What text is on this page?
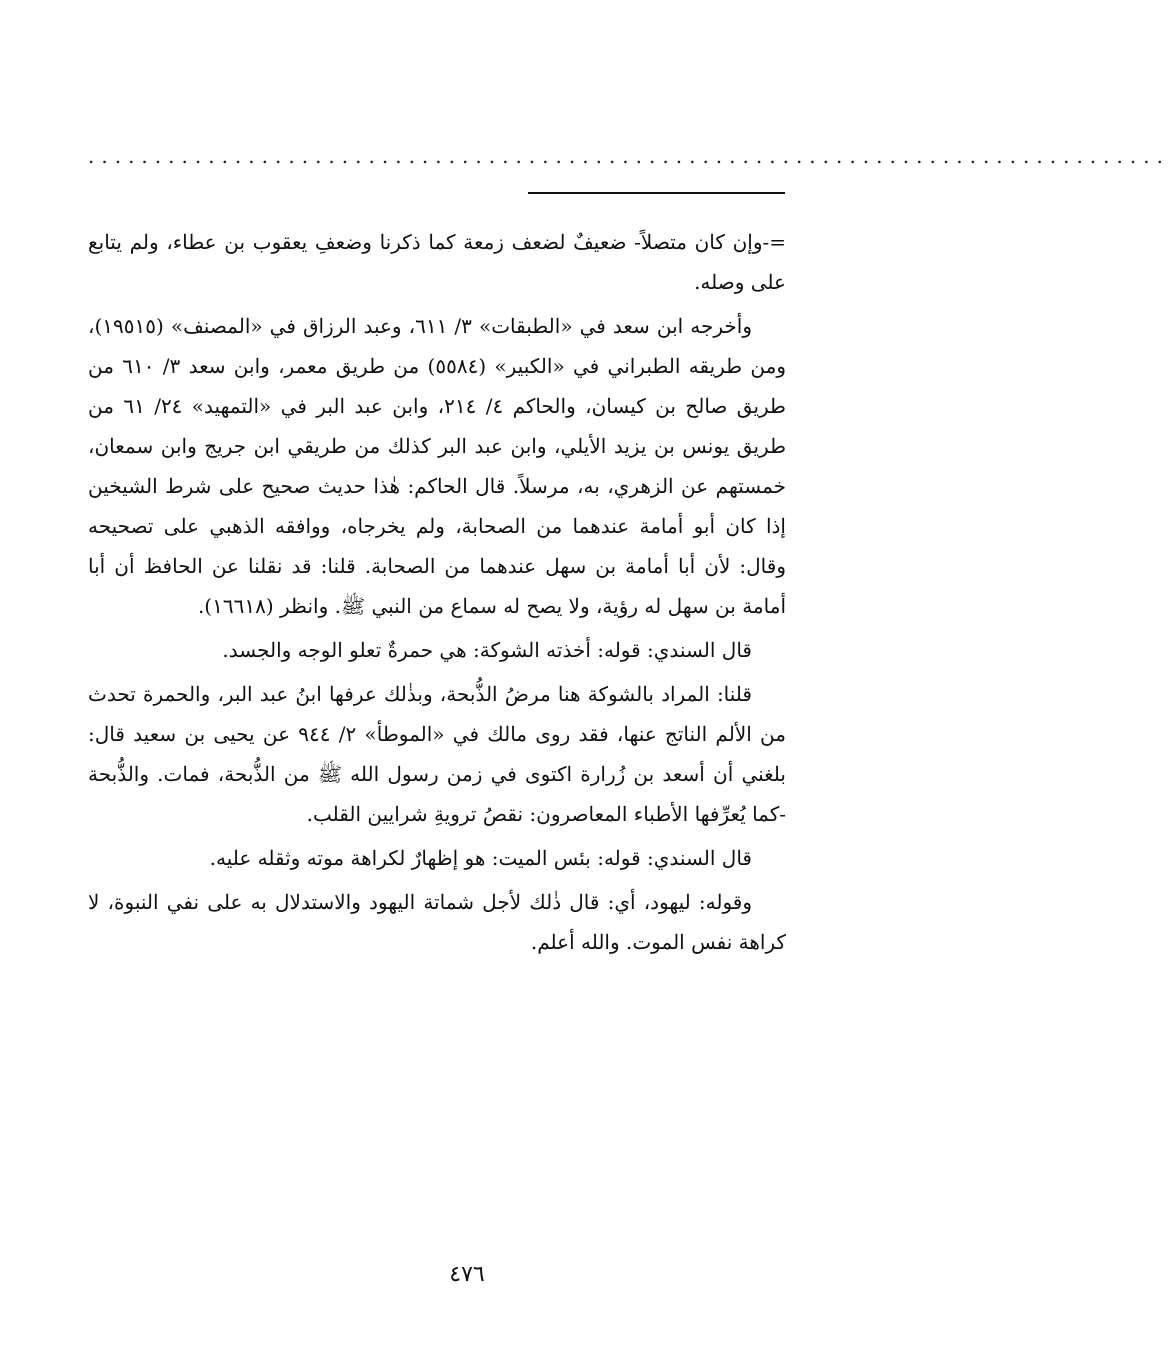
.................................................................................

=-وإن كان متصلاً- ضعيفٌ لضعف زمعة كما ذكرنا وضعفِ يعقوب بن عطاء، ولم يتابع على وصله.

وأخرجه ابن سعد في «الطبقات» ٣/ ٦١١، وعبد الرزاق في «المصنف» (١٩٥١٥)، ومن طريقه الطبراني في «الكبير» (٥٥٨٤) من طريق معمر، وابن سعد ٣/ ٦١٠ من طريق صالح بن كيسان، والحاكم ٤/ ٢١٤، وابن عبد البر في «التمهيد» ٢٤/ ٦١ من طريق يونس بن يزيد الأيلي، وابن عبد البر كذلك من طريقي ابن جريج وابن سمعان، خمستهم عن الزهري، به، مرسلاً. قال الحاكم: هٰذا حديث صحيح على شرط الشيخين إذا كان أبو أمامة عندهما من الصحابة، ولم يخرجاه، ووافقه الذهبي على تصحيحه وقال: لأن أبا أمامة بن سهل عندهما من الصحابة. قلنا: قد نقلنا عن الحافظ أن أبا أمامة بن سهل له رؤية، ولا يصح له سماع من النبي ﷺ. وانظر (١٦٦١٨).

قال السندي: قوله: أخذته الشوكة: هي حمرةٌ تعلو الوجه والجسد.

قلنا: المراد بالشوكة هنا مرضُ الذُّبحة، وبذٰلك عرفها ابنُ عبد البر، والحمرة تحدث من الألم الناتج عنها، فقد روى مالك في «الموطأ» ٢/ ٩٤٤ عن يحيى بن سعيد قال: بلغني أن أسعد بن زُرارة اكتوى في زمن رسول الله ﷺ من الذُّبحة، فمات. والذُّبحة -كما يُعرِّفها الأطباء المعاصرون: نقصُ ترويةِ شرايين القلب.

قال السندي: قوله: بئس الميت: هو إظهارٌ لكراهة موته وثقله عليه.

وقوله: ليهود، أي: قال ذٰلك لأجل شماتة اليهود والاستدلال به على نفي النبوة، لا كراهة نفس الموت. والله أعلم.

٤٧٦
